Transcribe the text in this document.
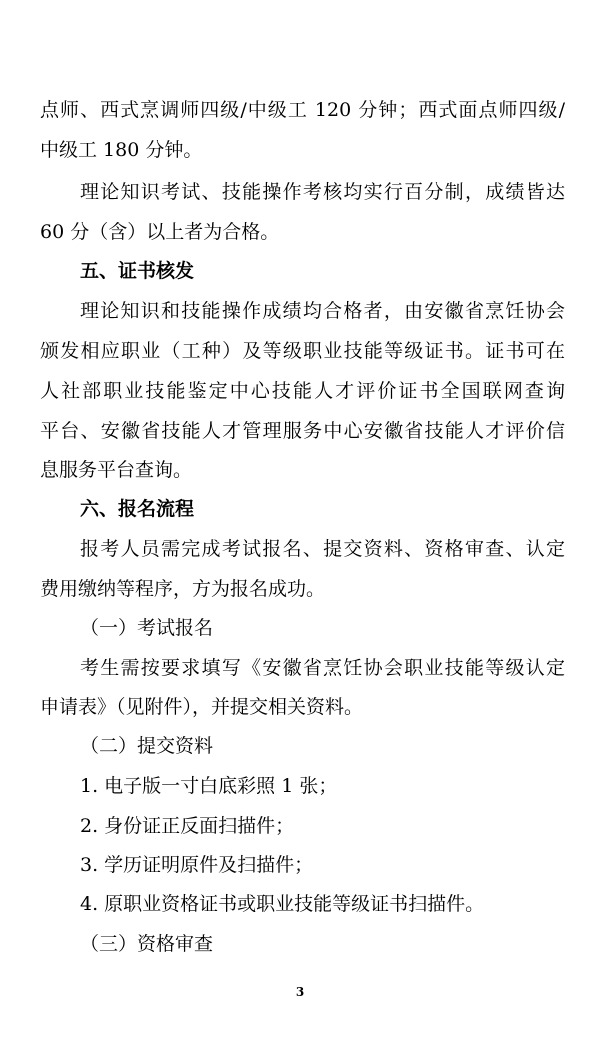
点师、西式烹调师四级/中级工 120 分钟；西式面点师四级/
中级工 180 分钟。
理论知识考试、技能操作考核均实行百分制，成绩皆达
60 分（含）以上者为合格。
五、证书核发
理论知识和技能操作成绩均合格者，由安徽省烹饪协会
颁发相应职业（工种）及等级职业技能等级证书。证书可在
人社部职业技能鉴定中心技能人才评价证书全国联网查询
平台、安徽省技能人才管理服务中心安徽省技能人才评价信
息服务平台查询。
六、报名流程
报考人员需完成考试报名、提交资料、资格审查、认定
费用缴纳等程序，方为报名成功。
（一）考试报名
考生需按要求填写《安徽省烹饪协会职业技能等级认定
申请表》（见附件），并提交相关资料。
（二）提交资料
1. 电子版一寸白底彩照 1 张；
2. 身份证正反面扫描件；
3. 学历证明原件及扫描件；
4. 原职业资格证书或职业技能等级证书扫描件。
（三）资格审查
3
